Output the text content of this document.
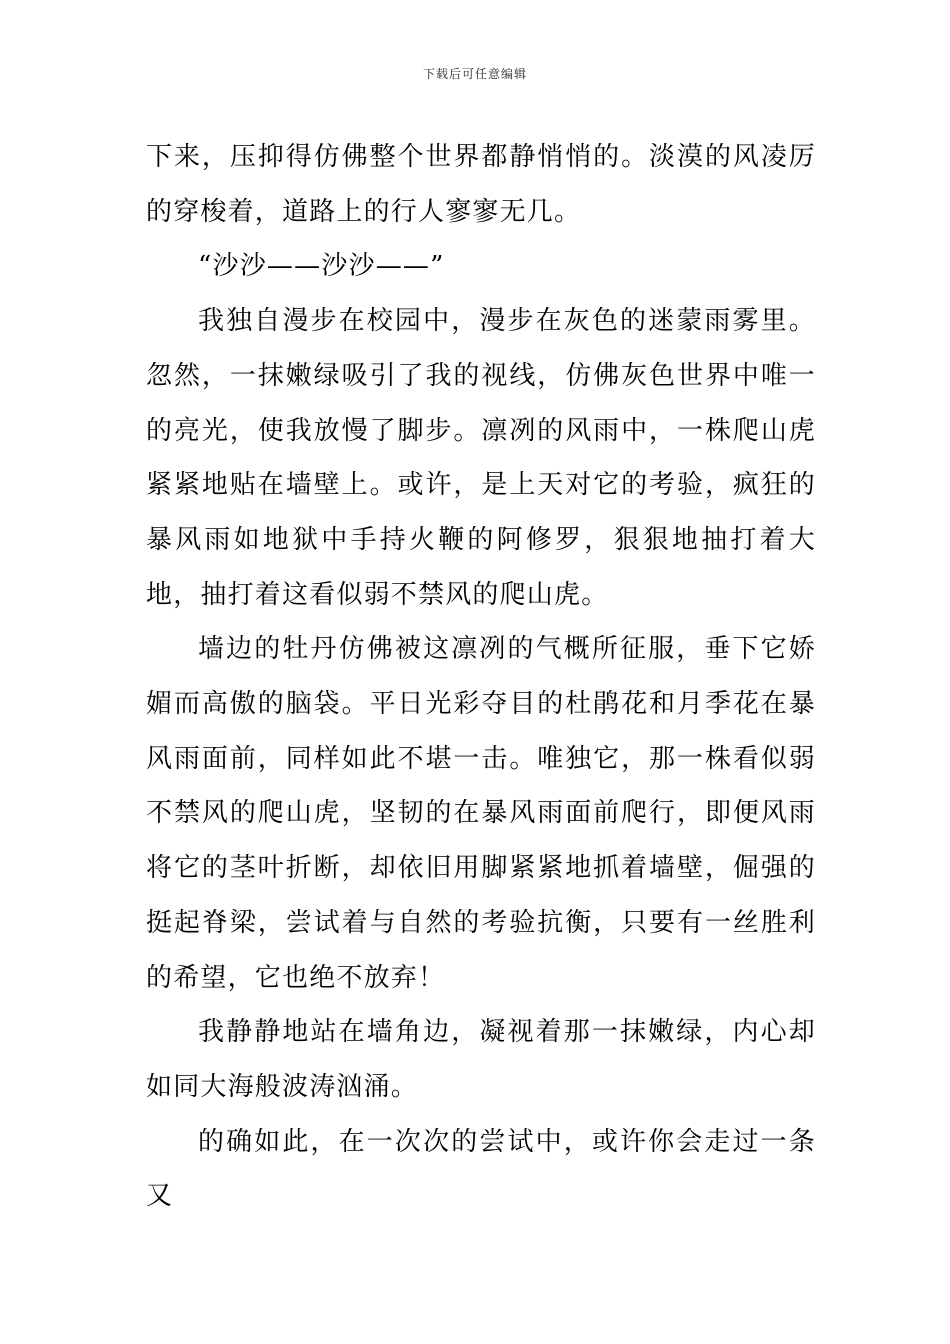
下载后可任意编辑

下来，压抑得仿佛整个世界都静悄悄的。淡漠的风凌厉的穿梭着，道路上的行人寥寥无几。

“沙沙——沙沙——”

我独自漫步在校园中，漫步在灰色的迷蒙雨雾里。忽然，一抹嫩绿吸引了我的视线，仿佛灰色世界中唯一的亮光，使我放慢了脚步。凛冽的风雨中，一株爬山虎紧紧地贴在墙壁上。或许，是上天对它的考验，疯狂的暴风雨如地狱中手持火鞭的阿修罗，狠狠地抽打着大地，抽打着这看似弱不禁风的爬山虎。

墙边的牡丹仿佛被这凛冽的气概所征服，垂下它娇媚而高傲的脑袋。平日光彩夺目的杜鹃花和月季花在暴风雨面前，同样如此不堪一击。唯独它，那一株看似弱不禁风的爬山虎，坚韧的在暴风雨面前爬行，即便风雨将它的茎叶折断，却依旧用脚紧紧地抓着墙壁，倔强的挺起脊梁，尝试着与自然的考验抗衡，只要有一丝胜利的希望，它也绝不放弃！

我静静地站在墙角边，凝视着那一抹嫩绿，内心却如同大海般波涛汹涌。

的确如此，在一次次的尝试中，或许你会走过一条又
